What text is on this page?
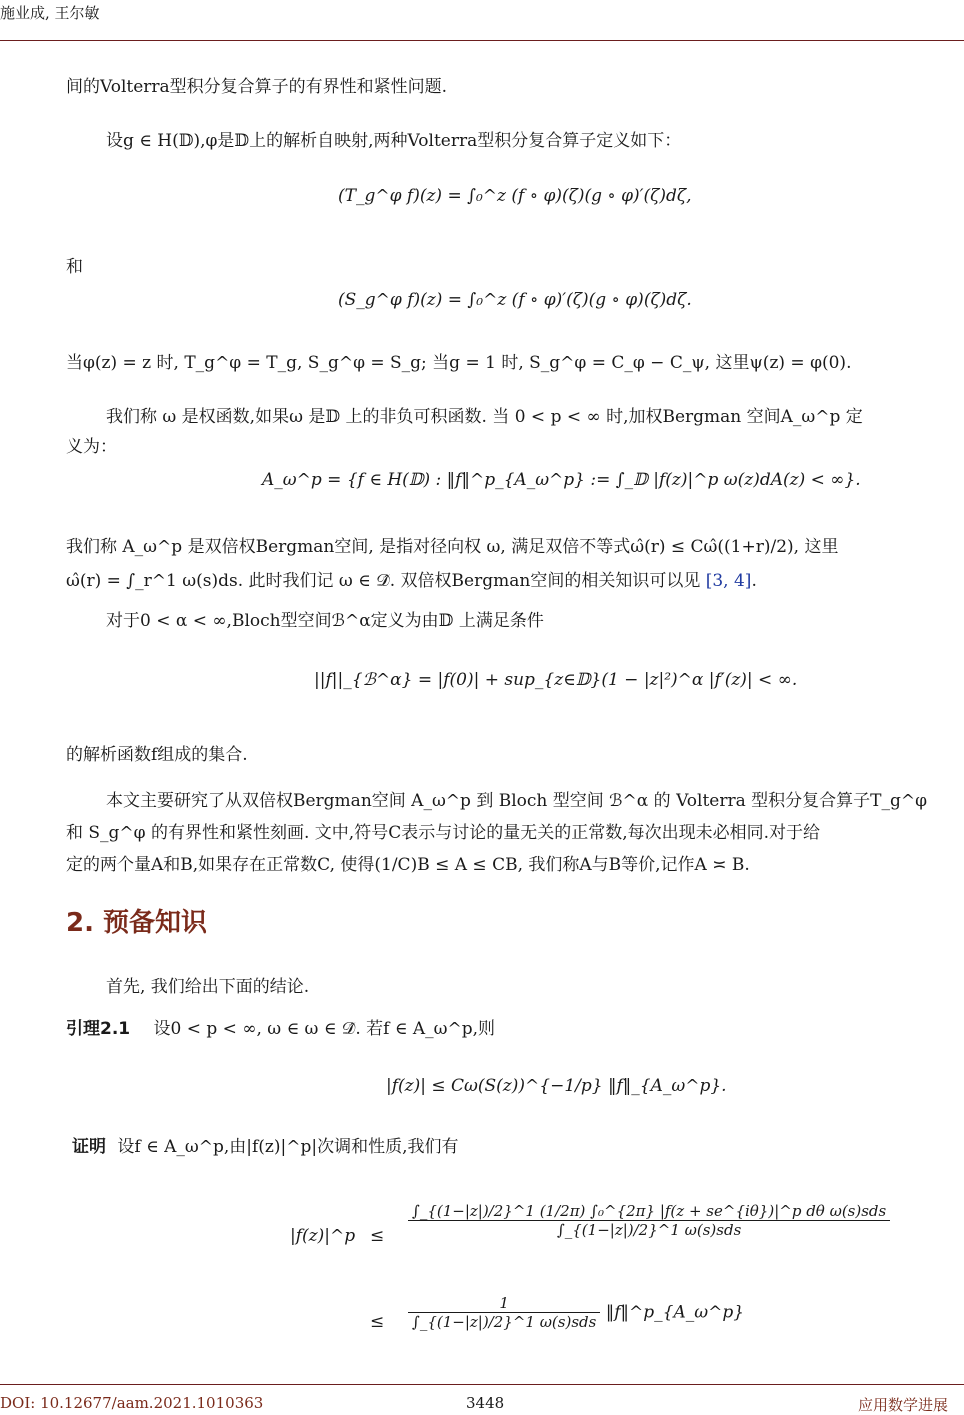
施业成, 王尔敏
间的Volterra型积分复合算子的有界性和紧性问题.
设g ∈ H(𝔻),φ是𝔻上的解析自映射,两种Volterra型积分复合算子定义如下：
(T_g^φ f)(z) = ∫₀^z (f ∘ φ)(ζ)(g ∘ φ)′(ζ)dζ,
和
(S_g^φ f)(z) = ∫₀^z (f ∘ φ)′(ζ)(g ∘ φ)(ζ)dζ.
当φ(z) = z 时, T_g^φ = T_g, S_g^φ = S_g; 当g = 1 时, S_g^φ = C_φ − C_ψ, 这里ψ(z) = φ(0).
我们称 ω 是权函数,如果ω 是𝔻 上的非负可积函数. 当 0 < p < ∞ 时,加权Bergman 空间A_ω^p 定
义为：
A_ω^p = {f ∈ H(𝔻) : ‖f‖^p_{A_ω^p} := ∫_𝔻 |f(z)|^p ω(z)dA(z) < ∞}.
我们称 A_ω^p 是双倍权Bergman空间, 是指对径向权 ω, 满足双倍不等式ω̂(r) ≤ Cω̂((1+r)/2), 这里
ω̂(r) = ∫_r^1 ω(s)ds. 此时我们记 ω ∈ 𝒟̂. 双倍权Bergman空间的相关知识可以见 [3, 4].
对于0 < α < ∞,Bloch型空间ℬ^α定义为由𝔻 上满足条件
||f||_{ℬ^α} = |f(0)| + sup_{z∈𝔻}(1 − |z|²)^α |f′(z)| < ∞.
的解析函数f组成的集合.
本文主要研究了从双倍权Bergman空间 A_ω^p 到 Bloch 型空间 ℬ^α 的 Volterra 型积分复合算子T_g^φ
和 S_g^φ 的有界性和紧性刻画. 文中,符号C表示与讨论的量无关的正常数,每次出现未必相同.对于给
定的两个量A和B,如果存在正常数C, 使得(1/C)B ≤ A ≤ CB, 我们称A与B等价,记作A ≍ B.
2. 预备知识
首先, 我们给出下面的结论.
引理2.1 设0 < p < ∞, ω ∈ ω ∈ 𝒟̂. 若f ∈ A_ω^p,则
|f(z)| ≤ Cω(S(z))^{−1/p} ‖f‖_{A_ω^p}.
证明 设f ∈ A_ω^p,由|f(z)|^p|次调和性质,我们有
|f(z)|^p ≤ $\frac{\text{∫\_\{(1−|z|)/2\}\textasciicircum{}1 (1/2π) ∫₀\textasciicircum{}\{2π\} |f(z + se\textasciicircum{}\{iθ\})|\textasciicircum{}p dθ ω(s)sds}}{\text{∫\_\{(1−|z|)/2\}\textasciicircum{}1 ω(s)sds}}$
≤ $\frac{1}{\text{∫\_\{(1−|z|)/2\}\textasciicircum{}1 ω(s)sds}}$ ‖f‖^p_{A_ω^p}
DOI: 10.12677/aam.2021.1010363	3448	应用数学进展
